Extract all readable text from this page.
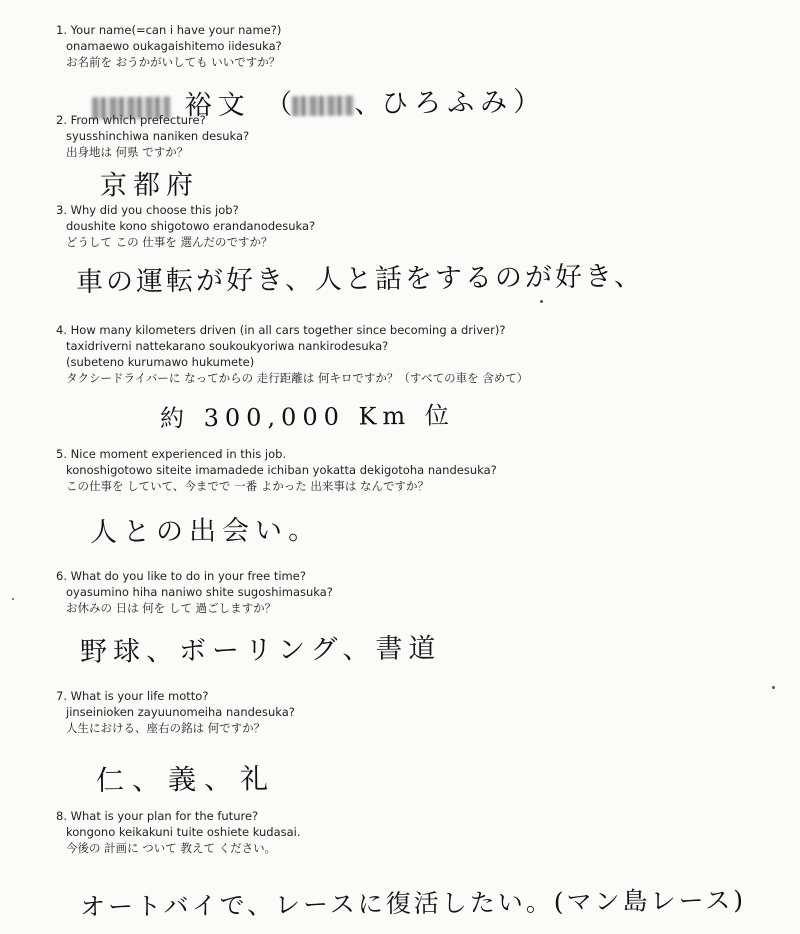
1. Your name(=can i have your name?)
onamaewo oukagaishitemo iidesuka?
お名前を おうかがいしても いいですか？
裕文 （ 、ひろふみ）
2. From which prefecture?
syusshinchiwa naniken desuka?
出身地は 何県 ですか？
京都府
3. Why did you choose this job?
doushite kono shigotowo erandanodesuka?
どうして この 仕事を 選んだのですか？
車の運転が好き、人と話をするのが好き、
4. How many kilometers driven (in all cars together since becoming a driver)?
taxidriverni nattekarano soukoukyoriwa nankirodesuka?
(subeteno kurumawo hukumete)
タクシードライバーに なってからの 走行距離は 何キロですか？（すべての車を 含めて）
約 300,000 Km 位
5. Nice moment experienced in this job.
konoshigotowo siteite imamadede ichiban yokatta dekigotoha nandesuka?
この仕事を していて、今までで 一番 よかった 出来事は なんですか？
人との出会い。
6. What do you like to do in your free time?
oyasumino hiha naniwo shite sugoshimasuka?
お休みの 日は 何を して 過ごしますか？
野球、ボーリング、書道
7. What is your life motto?
jinseinioken zayuunomeiha nandesuka?
人生における、座右の銘は 何ですか？
仁、義、礼
8. What is your plan for the future?
kongono keikakuni tuite oshiete kudasai.
今後の 計画に ついて 教えて ください。
オートバイで、レースに復活したい。(マン島レース)
